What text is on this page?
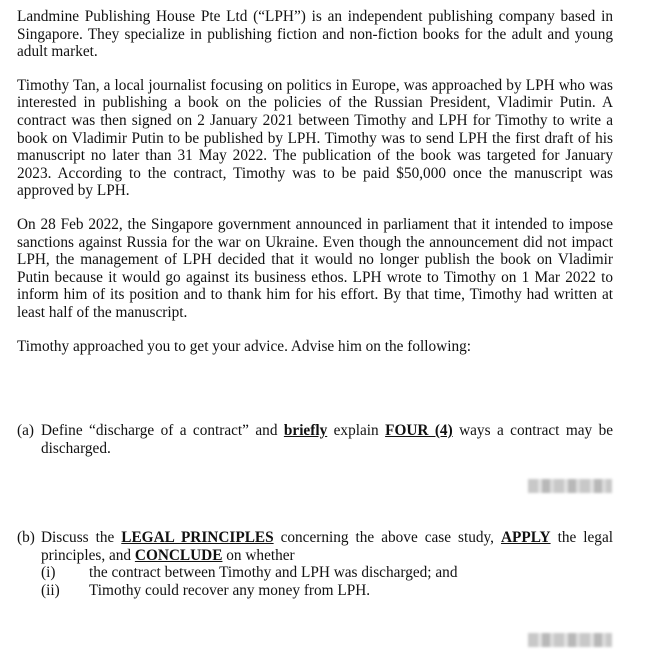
Landmine Publishing House Pte Ltd (“LPH”) is an independent publishing company based in Singapore. They specialize in publishing fiction and non-fiction books for the adult and young adult market.

Timothy Tan, a local journalist focusing on politics in Europe, was approached by LPH who was interested in publishing a book on the policies of the Russian President, Vladimir Putin. A contract was then signed on 2 January 2021 between Timothy and LPH for Timothy to write a book on Vladimir Putin to be published by LPH. Timothy was to send LPH the first draft of his manuscript no later than 31 May 2022. The publication of the book was targeted for January 2023. According to the contract, Timothy was to be paid $50,000 once the manuscript was approved by LPH.

On 28 Feb 2022, the Singapore government announced in parliament that it intended to impose sanctions against Russia for the war on Ukraine. Even though the announcement did not impact LPH, the management of LPH decided that it would no longer publish the book on Vladimir Putin because it would go against its business ethos. LPH wrote to Timothy on 1 Mar 2022 to inform him of its position and to thank him for his effort. By that time, Timothy had written at least half of the manuscript.

Timothy approached you to get your advice. Advise him on the following:

(a) Define “discharge of a contract” and briefly explain FOUR (4) ways a contract may be discharged.
(b) Discuss the LEGAL PRINCIPLES concerning the above case study, APPLY the legal principles, and CONCLUDE on whether
(i)	the contract between Timothy and LPH was discharged; and
(ii)	Timothy could recover any money from LPH.
